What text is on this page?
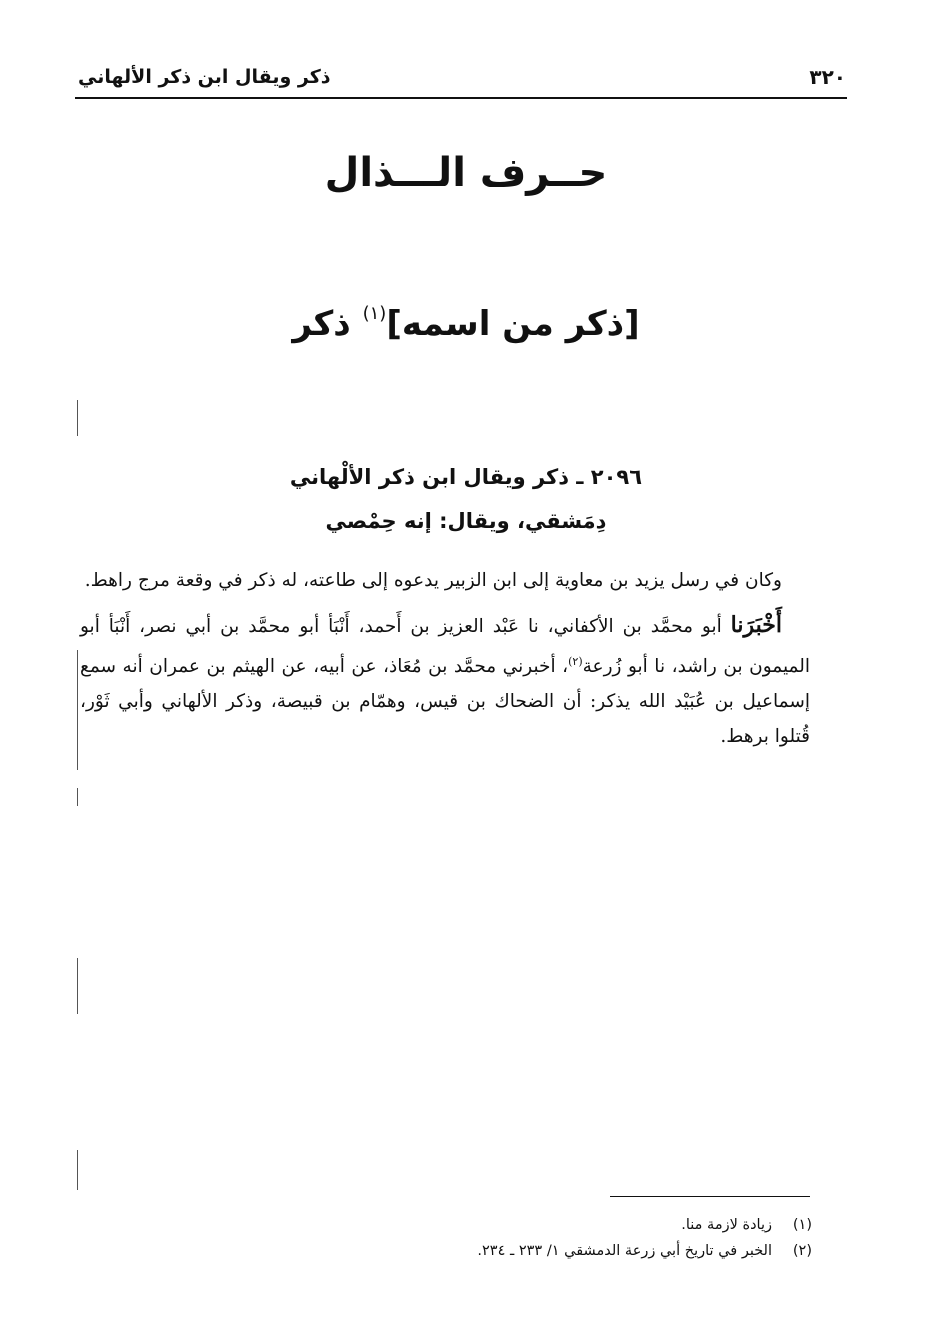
٣٢٠
ذكر ويقال ابن ذكر الألهاني
حــرف الـــذال
[ذكر من اسمه]$^{(١)}$ ذكر
٢٠٩٦ ـ ذكر ويقال ابن ذكر الألْهاني
دِمَشقي، ويقال: إنه حِمْصي

وكان في رسل يزيد بن معاوية إلى ابن الزبير يدعوه إلى طاعته، له ذكر في وقعة مرج راهط.

أَخْبَرَنا أبو محمَّد بن الأكفاني، نا عَبْد العزيز بن أَحمد، أَنْبَأ أبو محمَّد بن أبي نصر، أَنْبَأ أبو الميمون بن راشد، نا أبو زُرعة$^{(٢)}$، أخبرني محمَّد بن مُعَاذ، عن أبيه، عن الهيثم بن عمران أنه سمع إسماعيل بن عُبَيْد الله يذكر: أن الضحاك بن قيس، وهمّام بن قبيصة، وذكر الألهاني وأبي ثَوْر، قُتلوا برهط.

(١)
زيادة لازمة منا.
(٢)
الخبر في تاريخ أبي زرعة الدمشقي ١/ ٢٣٣ ـ ٢٣٤.
